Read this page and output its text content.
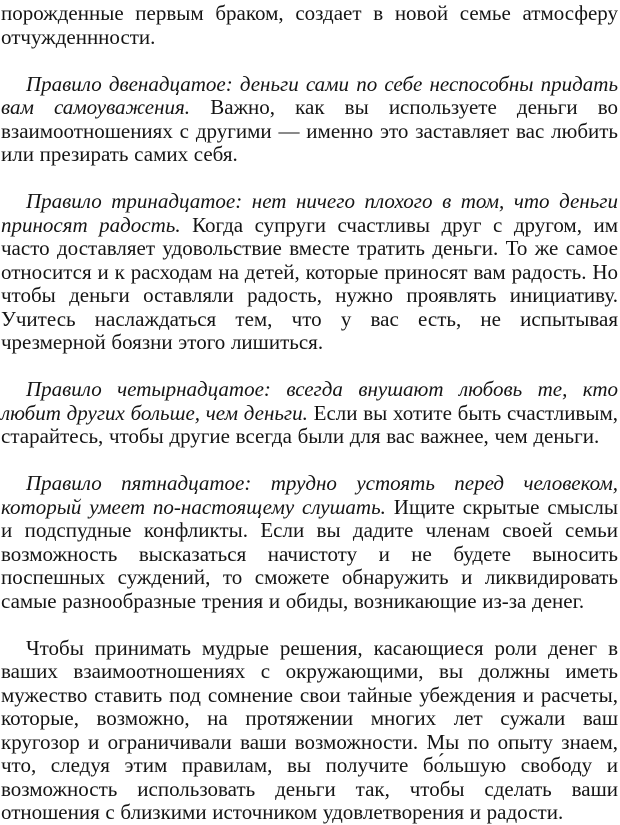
порожденные первым браком, создает в новой семье атмосферу отчужденнности.

Правило двенадцатое: деньги сами по себе неспособны придать вам самоуважения. Важно, как вы используете деньги во взаимоотношениях с другими — именно это заставляет вас любить или презирать самих себя.

Правило тринадцатое: нет ничего плохого в том, что деньги приносят радость. Когда супруги счастливы друг с другом, им часто доставляет удовольствие вместе тратить деньги. То же самое относится и к расходам на детей, которые приносят вам радость. Но чтобы деньги оставляли радость, нужно проявлять инициативу. Учитесь наслаждаться тем, что у вас есть, не испытывая чрезмерной боязни этого лишиться.

Правило четырнадцатое: всегда внушают любовь те, кто любит других больше, чем деньги. Если вы хотите быть счастливым, старайтесь, чтобы другие всегда были для вас важнее, чем деньги.

Правило пятнадцатое: трудно устоять перед человеком, который умеет по-настоящему слушать. Ищите скрытые смыслы и подспудные конфликты. Если вы дадите членам своей семьи возможность высказаться начистоту и не будете выносить поспешных суждений, то сможете обнаружить и ликвидировать самые разнообразные трения и обиды, возникающие из-за денег.

Чтобы принимать мудрые решения, касающиеся роли денег в ваших взаимоотношениях с окружающими, вы должны иметь мужество ставить под сомнение свои тайные убеждения и расчеты, которые, возможно, на протяжении многих лет сужали ваш кругозор и ограничивали ваши возможности. Мы по опыту знаем, что, следуя этим правилам, вы получите бо́льшую свободу и возможность использовать деньги так, чтобы сделать ваши отношения с близкими источником удовлетворения и радости.
